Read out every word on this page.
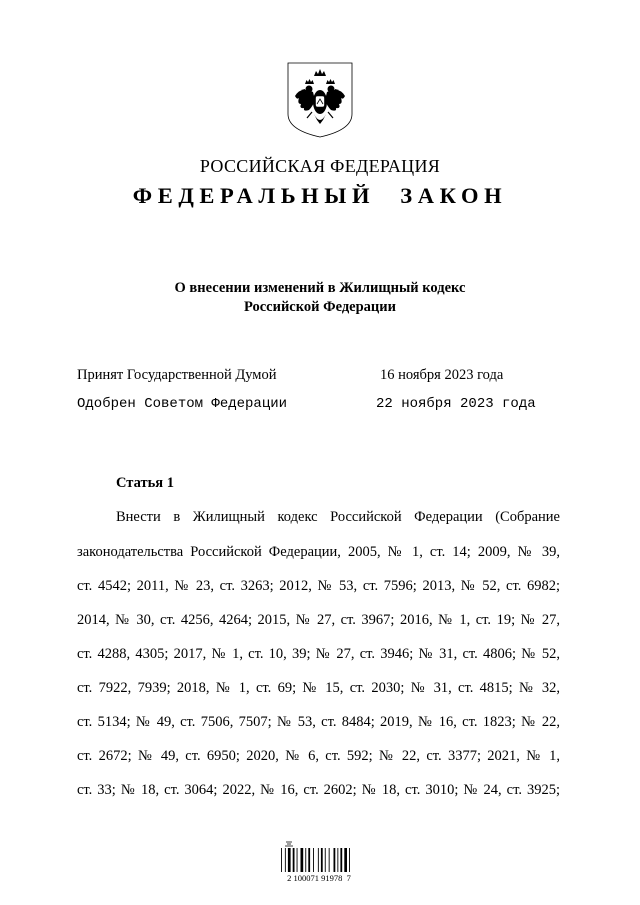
РОССИЙСКАЯ ФЕДЕРАЦИЯ
ФЕДЕРАЛЬНЫЙ ЗАКОН
О внесении изменений в Жилищный кодекс
Российской Федерации
Принят Государственной Думой	16 ноября 2023 года
Одобрен Советом Федерации	22 ноября 2023 года
Статья 1
Внести в Жилищный кодекс Российской Федерации (Собрание
законодательства Российской Федерации, 2005, № 1, ст. 14; 2009, № 39,
ст. 4542; 2011, № 23, ст. 3263; 2012, № 53, ст. 7596; 2013, № 52, ст. 6982;
2014, № 30, ст. 4256, 4264; 2015, № 27, ст. 3967; 2016, № 1, ст. 19; № 27,
ст. 4288, 4305; 2017, № 1, ст. 10, 39; № 27, ст. 3946; № 31, ст. 4806; № 52,
ст. 7922, 7939; 2018, № 1, ст. 69; № 15, ст. 2030; № 31, ст. 4815; № 32,
ст. 5134; № 49, ст. 7506, 7507; № 53, ст. 8484; 2019, № 16, ст. 1823; № 22,
ст. 2672; № 49, ст. 6950; 2020, № 6, ст. 592; № 22, ст. 3377; 2021, № 1,
ст. 33; № 18, ст. 3064; 2022, № 16, ст. 2602; № 18, ст. 3010; № 24, ст. 3925;
2 100071 91978  7
